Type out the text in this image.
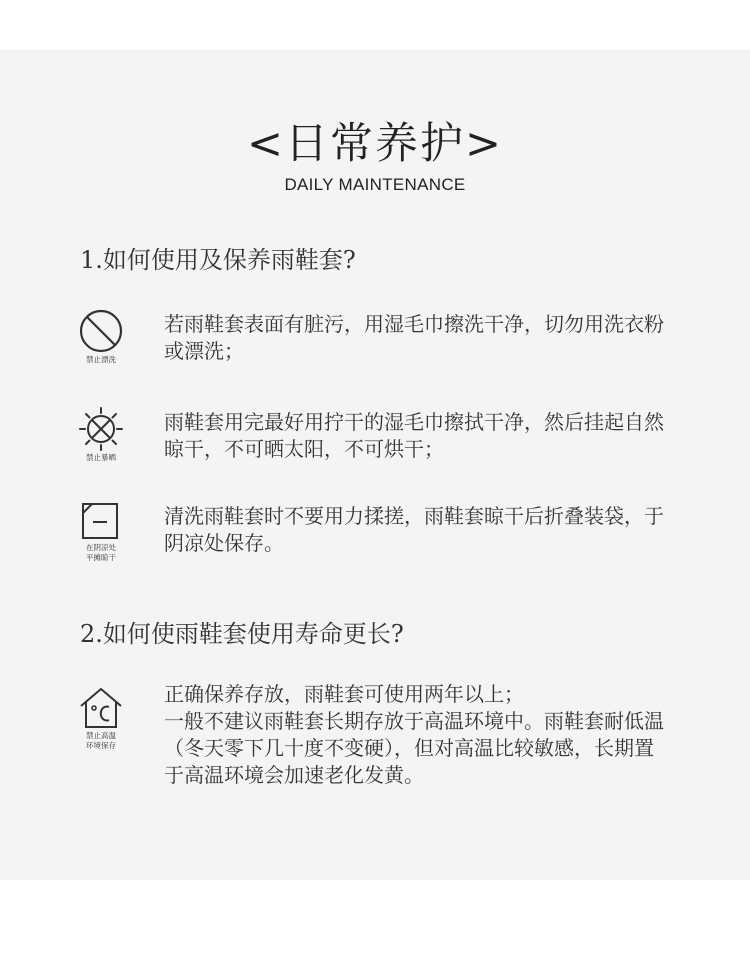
<日常养护>
DAILY MAINTENANCE
1.如何使用及保养雨鞋套?
禁止漂洗

若雨鞋套表面有脏污，用湿毛巾擦洗干净，切勿用洗衣粉或漂洗；

禁止暴晒

雨鞋套用完最好用拧干的湿毛巾擦拭干净，然后挂起自然晾干，不可晒太阳，不可烘干；

在阴凉处
平摊晾干

清洗雨鞋套时不要用力揉搓，雨鞋套晾干后折叠装袋，于阴凉处保存。

2.如何使雨鞋套使用寿命更长?
禁止高温
环境保存

正确保养存放，雨鞋套可使用两年以上；

一般不建议雨鞋套长期存放于高温环境中。雨鞋套耐低温（冬天零下几十度不变硬），但对高温比较敏感，长期置于高温环境会加速老化发黄。
